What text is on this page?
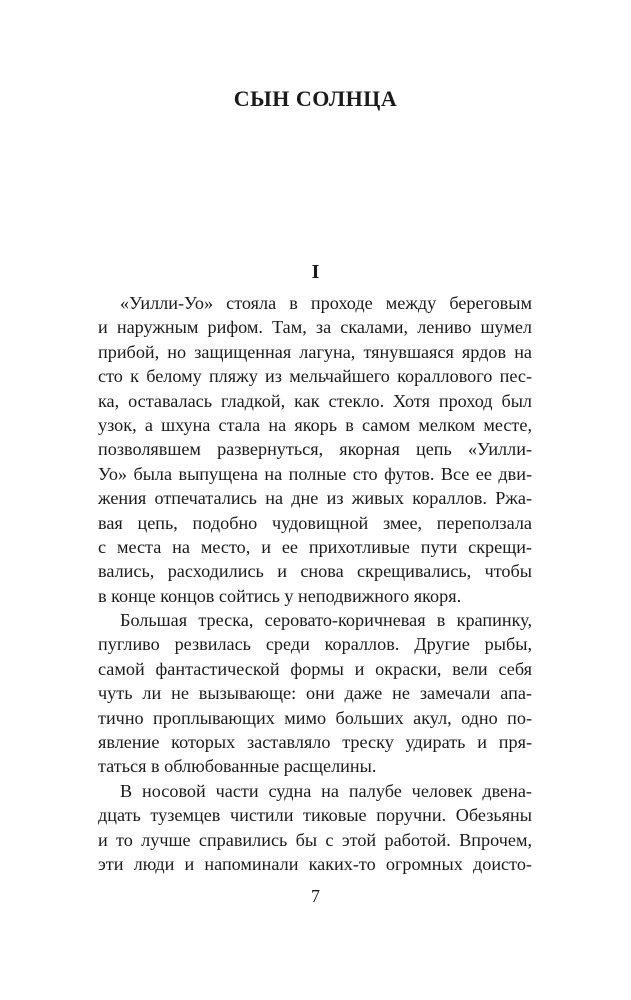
СЫН СОЛНЦА
I
«Уилли-Уо» стояла в проходе между береговым
и наружным рифом. Там, за скалами, лениво шумел
прибой, но защищенная лагуна, тянувшаяся ярдов на
сто к белому пляжу из мельчайшего кораллового пес-
ка, оставалась гладкой, как стекло. Хотя проход был
узок, а шхуна стала на якорь в самом мелком месте,
позволявшем развернуться, якорная цепь «Уилли-
Уо» была выпущена на полные сто футов. Все ее дви-
жения отпечатались на дне из живых кораллов. Ржа-
вая цепь, подобно чудовищной змее, переползала
с места на место, и ее прихотливые пути скрещи-
вались, расходились и снова скрещивались, чтобы
в конце концов сойтись у неподвижного якоря.
Большая треска, серовато-коричневая в крапинку,
пугливо резвилась среди кораллов. Другие рыбы,
самой фантастической формы и окраски, вели себя
чуть ли не вызывающе: они даже не замечали апа-
тично проплывающих мимо больших акул, одно по-
явление которых заставляло треску удирать и пря-
таться в облюбованные расщелины.
В носовой части судна на палубе человек двена-
дцать туземцев чистили тиковые поручни. Обезьяны
и то лучше справились бы с этой работой. Впрочем,
эти люди и напоминали каких-то огромных доисто-

7
